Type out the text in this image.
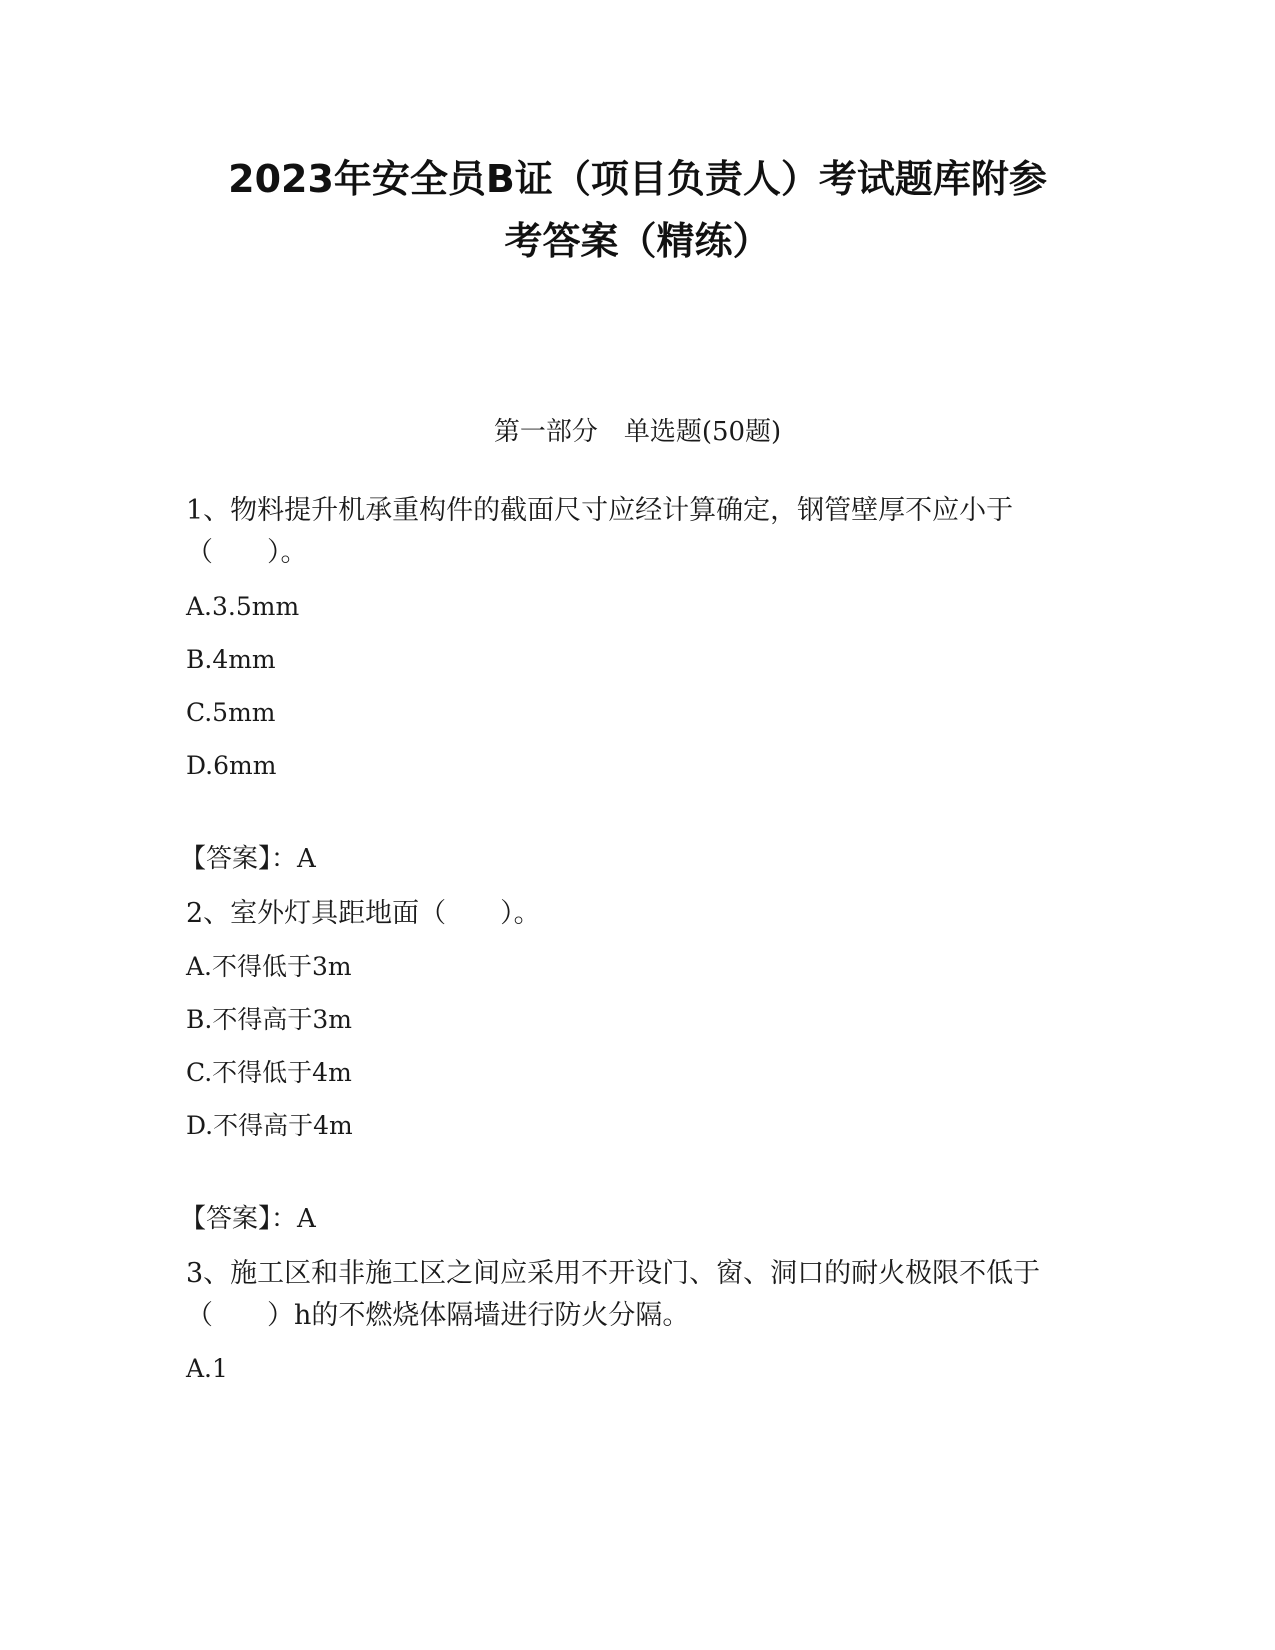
2023年安全员B证（项目负责人）考试题库附参
考答案（精练）
第一部分　单选题(50题)

1、物料提升机承重构件的截面尺寸应经计算确定，钢管壁厚不应小于（　　）。

A.3.5mm
B.4mm
C.5mm
D.6mm
【答案】：A

2、室外灯具距地面（　　）。

A.不得低于3m
B.不得高于3m
C.不得低于4m
D.不得高于4m
【答案】：A

3、施工区和非施工区之间应采用不开设门、窗、洞口的耐火极限不低于（　　）h的不燃烧体隔墙进行防火分隔。

A.1
